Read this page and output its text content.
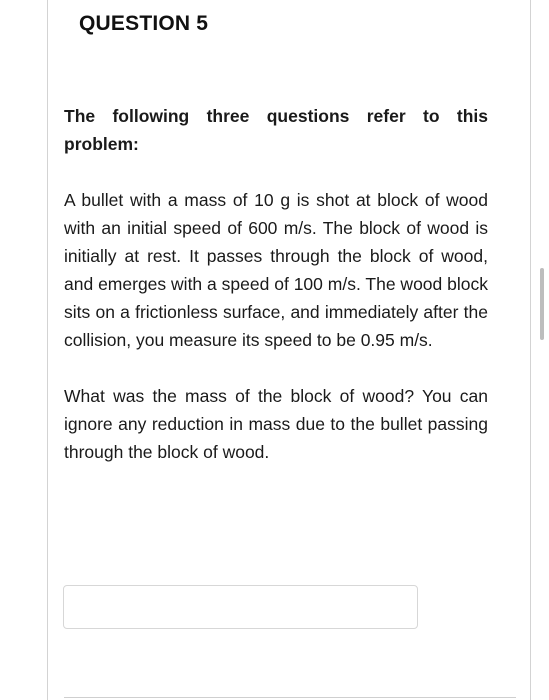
QUESTION 5

The following three questions refer to this problem:

A bullet with a mass of 10 g is shot at block of wood with an initial speed of 600 m/s. The block of wood is initially at rest. It passes through the block of wood, and emerges with a speed of 100 m/s. The wood block sits on a frictionless surface, and immediately after the collision, you measure its speed to be 0.95 m/s.

What was the mass of the block of wood? You can ignore any reduction in mass due to the bullet passing through the block of wood.
